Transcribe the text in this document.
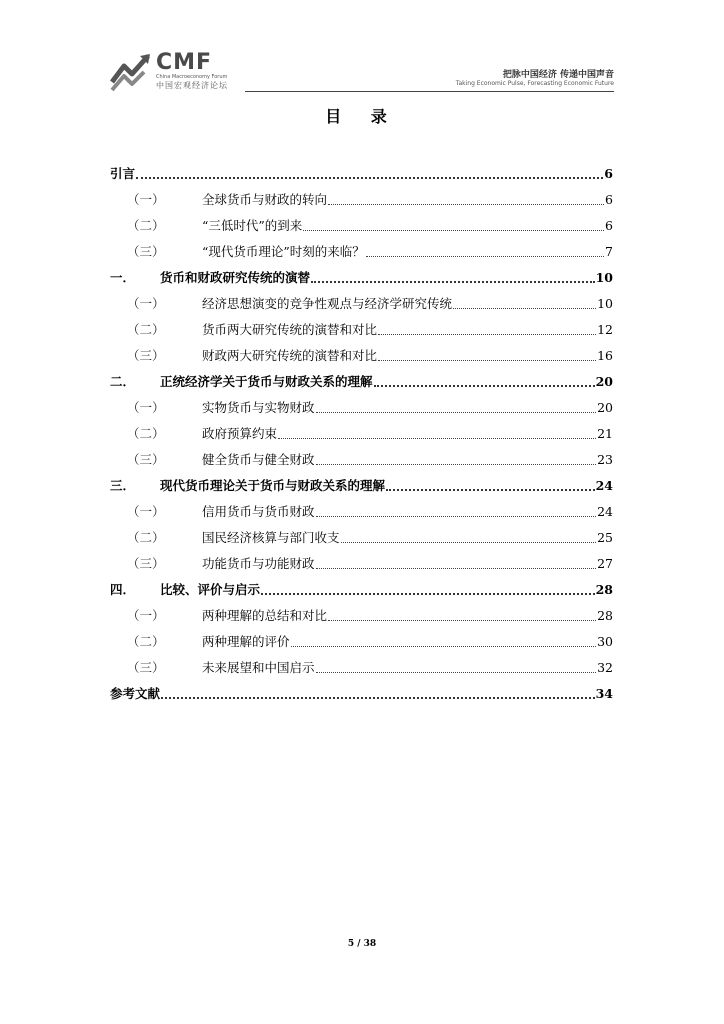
CMF
China Macroeconomy Forum
中国宏观经济论坛
把脉中国经济 传递中国声音
Taking Economic Pulse, Forecasting Economic Future
目 录
引言	6
（一）	全球货币与财政的转向	6
（二）	“三低时代”的到来	6
（三）	“现代货币理论”时刻的来临？	7
一．	货币和财政研究传统的演替	10
（一）	经济思想演变的竞争性观点与经济学研究传统	10
（二）	货币两大研究传统的演替和对比	12
（三）	财政两大研究传统的演替和对比	16
二．	正统经济学关于货币与财政关系的理解	20
（一）	实物货币与实物财政	20
（二）	政府预算约束	21
（三）	健全货币与健全财政	23
三．	现代货币理论关于货币与财政关系的理解	24
（一）	信用货币与货币财政	24
（二）	国民经济核算与部门收支	25
（三）	功能货币与功能财政	27
四．	比较、评价与启示	28
（一）	两种理解的总结和对比	28
（二）	两种理解的评价	30
（三）	未来展望和中国启示	32
参考文献	34
5 / 38
